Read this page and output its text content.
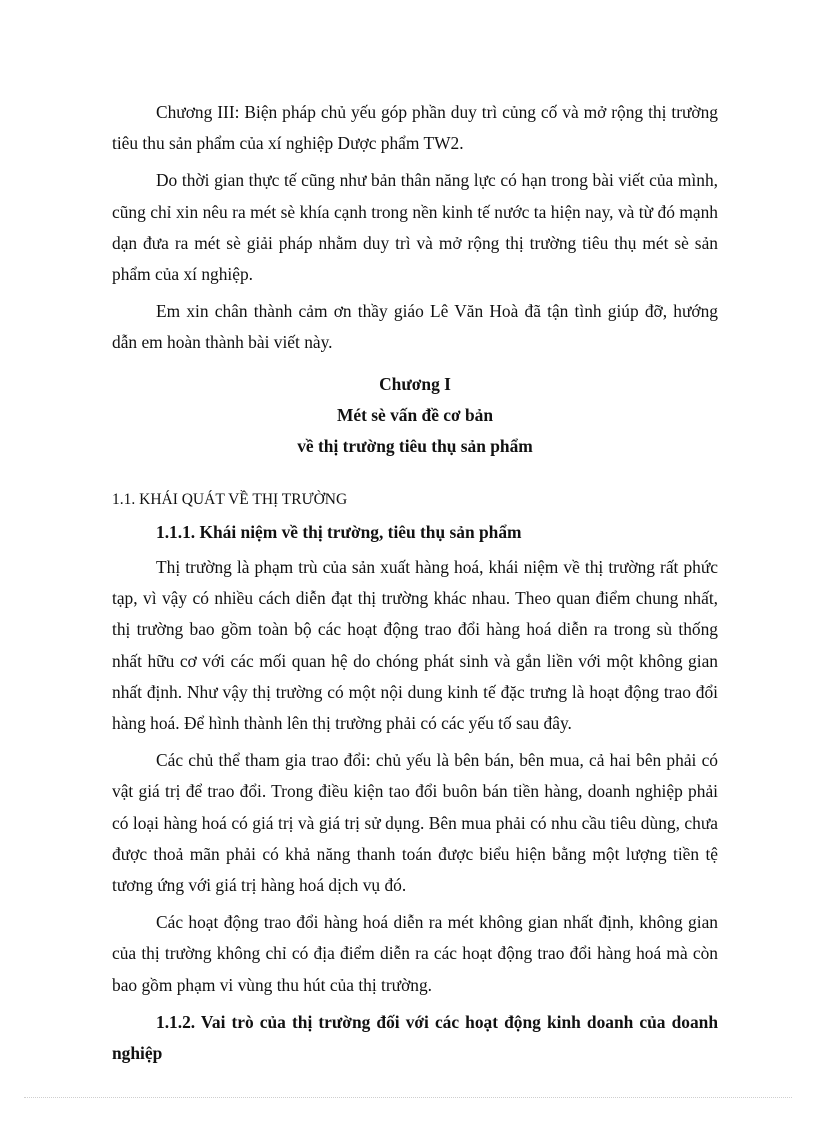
Chương III: Biện pháp chủ yếu góp phần duy trì củng cố và mở rộng thị trường tiêu thu sản phẩm của xí nghiệp Dược phẩm TW2.

Do thời gian thực tế cũng như bản thân năng lực có hạn trong bài viết của mình, cũng chỉ xin nêu ra mét sè khía cạnh trong nền kinh tế nước ta hiện nay, và từ đó mạnh dạn đưa ra mét sè giải pháp nhằm duy trì và mở rộng thị trường tiêu thụ mét sè sản phẩm của xí nghiệp.

Em xin chân thành cảm ơn thầy giáo Lê Văn Hoà đã tận tình giúp đỡ, hướng dẫn em hoàn thành bài viết này.

Chương I
Mét sè vấn đề cơ bản
về thị trường tiêu thụ sản phẩm
1.1. KHÁI QUÁT VỀ THỊ TRƯỜNG
1.1.1. Khái niệm về thị trường, tiêu thụ sản phẩm

Thị trường là phạm trù của sản xuất hàng hoá, khái niệm về thị trường rất phức tạp, vì vậy có nhiều cách diễn đạt thị trường khác nhau. Theo quan điểm chung nhất, thị trường bao gồm toàn bộ các hoạt động trao đổi hàng hoá diễn ra trong sù thống nhất hữu cơ với các mối quan hệ do chóng phát sinh và gắn liền với một không gian nhất định. Như vậy thị trường có một nội dung kinh tế đặc trưng là hoạt động trao đổi hàng hoá. Để hình thành lên thị trường phải có các yếu tố sau đây.

Các chủ thể tham gia trao đổi: chủ yếu là bên bán, bên mua, cả hai bên phải có vật giá trị để trao đổi. Trong điều kiện tao đổi buôn bán tiền hàng, doanh nghiệp phải có loại hàng hoá có giá trị và giá trị sử dụng. Bên mua phải có nhu cầu tiêu dùng, chưa được thoả mãn phải có khả năng thanh toán được biểu hiện bằng một lượng tiền tệ tương ứng với giá trị hàng hoá dịch vụ đó.

Các hoạt động trao đổi hàng hoá diễn ra mét không gian nhất định, không gian của thị trường không chỉ có địa điểm diễn ra các hoạt động trao đổi hàng hoá mà còn bao gồm phạm vi vùng thu hút của thị trường.

1.1.2. Vai trò của thị trường đối với các hoạt động kinh doanh của doanh nghiệp
